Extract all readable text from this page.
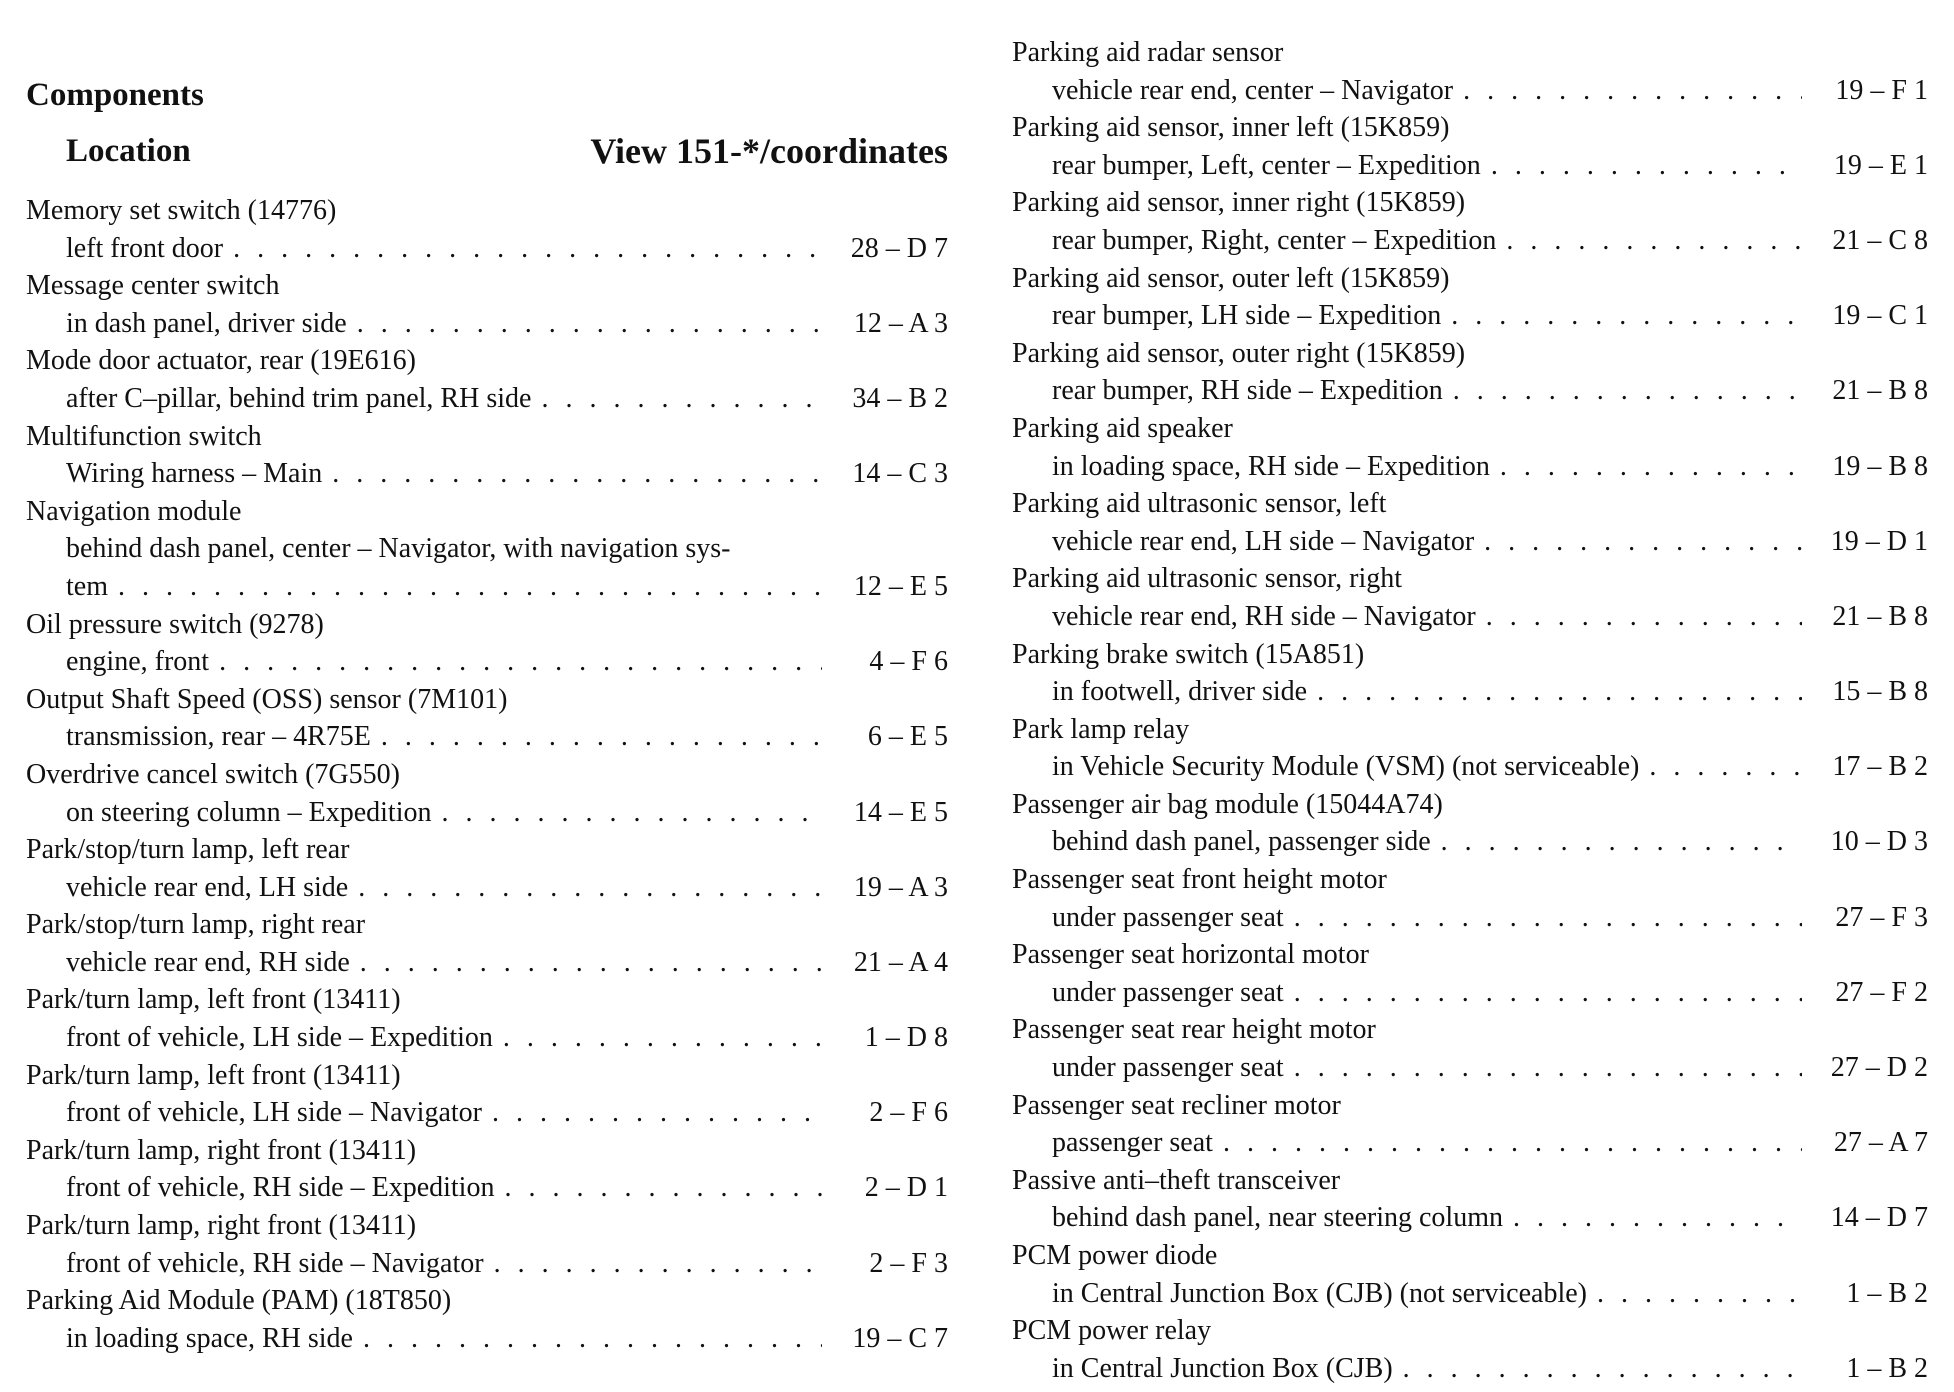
Components
Location	View 151-*/coordinates
Memory set switch (14776)
left front door . . .	28 – D 7
Message center switch
in dash panel, driver side . . .	12 – A 3
Mode door actuator, rear (19E616)
after C–pillar, behind trim panel, RH side . . .	34 – B 2
Multifunction switch
Wiring harness – Main . . .	14 – C 3
Navigation module
behind dash panel, center – Navigator, with navigation sys-
tem . . .	12 – E 5
Oil pressure switch (9278)
engine, front . . .	4 – F 6
Output Shaft Speed (OSS) sensor (7M101)
transmission, rear – 4R75E . . .	6 – E 5
Overdrive cancel switch (7G550)
on steering column – Expedition . . .	14 – E 5
Park/stop/turn lamp, left rear
vehicle rear end, LH side . . .	19 – A 3
Park/stop/turn lamp, right rear
vehicle rear end, RH side . . .	21 – A 4
Park/turn lamp, left front (13411)
front of vehicle, LH side – Expedition . . .	1 – D 8
Park/turn lamp, left front (13411)
front of vehicle, LH side – Navigator . . .	2 – F 6
Park/turn lamp, right front (13411)
front of vehicle, RH side – Expedition . . .	2 – D 1
Park/turn lamp, right front (13411)
front of vehicle, RH side – Navigator . . .	2 – F 3
Parking Aid Module (PAM) (18T850)
in loading space, RH side . . .	19 – C 7
Parking aid radar sensor
vehicle rear end, center – Navigator . . .	19 – F 1
Parking aid sensor, inner left (15K859)
rear bumper, Left, center – Expedition . . .	19 – E 1
Parking aid sensor, inner right (15K859)
rear bumper, Right, center – Expedition . . .	21 – C 8
Parking aid sensor, outer left (15K859)
rear bumper, LH side – Expedition . . .	19 – C 1
Parking aid sensor, outer right (15K859)
rear bumper, RH side – Expedition . . .	21 – B 8
Parking aid speaker
in loading space, RH side – Expedition . . .	19 – B 8
Parking aid ultrasonic sensor, left
vehicle rear end, LH side – Navigator . . .	19 – D 1
Parking aid ultrasonic sensor, right
vehicle rear end, RH side – Navigator . . .	21 – B 8
Parking brake switch (15A851)
in footwell, driver side . . .	15 – B 8
Park lamp relay
in Vehicle Security Module (VSM) (not serviceable) . . .	17 – B 2
Passenger air bag module (15044A74)
behind dash panel, passenger side . . .	10 – D 3
Passenger seat front height motor
under passenger seat . . .	27 – F 3
Passenger seat horizontal motor
under passenger seat . . .	27 – F 2
Passenger seat rear height motor
under passenger seat . . .	27 – D 2
Passenger seat recliner motor
passenger seat . . .	27 – A 7
Passive anti–theft transceiver
behind dash panel, near steering column . . .	14 – D 7
PCM power diode
in Central Junction Box (CJB) (not serviceable) . . .	1 – B 2
PCM power relay
in Central Junction Box (CJB) . . .	1 – B 2
